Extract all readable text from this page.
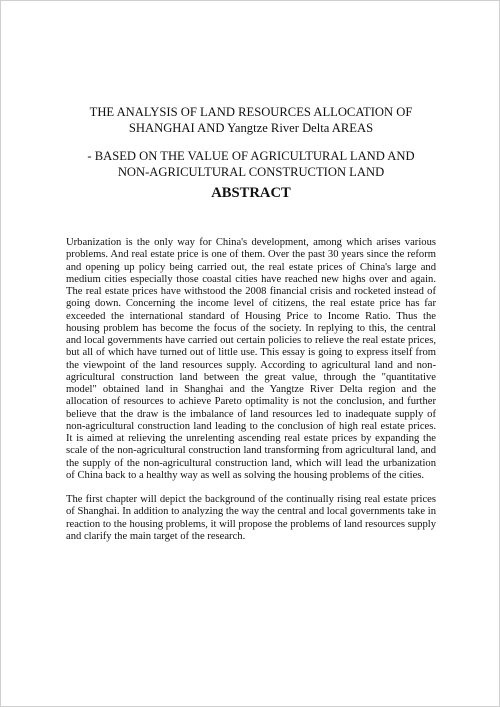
THE ANALYSIS OF LAND RESOURCES ALLOCATION OF
SHANGHAI AND Yangtze River Delta AREAS
- BASED ON THE VALUE OF AGRICULTURAL LAND AND
NON-AGRICULTURAL CONSTRUCTION LAND
ABSTRACT

Urbanization is the only way for China's development, among which arises various problems. And real estate price is one of them. Over the past 30 years since the reform and opening up policy being carried out, the real estate prices of China's large and medium cities especially those coastal cities have reached new highs over and again. The real estate prices have withstood the 2008 financial crisis and rocketed instead of going down. Concerning the income level of citizens, the real estate price has far exceeded the international standard of Housing Price to Income Ratio. Thus the housing problem has become the focus of the society. In replying to this, the central and local governments have carried out certain policies to relieve the real estate prices, but all of which have turned out of little use. This essay is going to express itself from the viewpoint of the land resources supply. According to agricultural land and non-agricultural construction land between the great value, through the "quantitative model" obtained land in Shanghai and the Yangtze River Delta region and the allocation of resources to achieve Pareto optimality is not the conclusion, and further believe that the draw is the imbalance of land resources led to inadequate supply of non-agricultural construction land leading to the conclusion of high real estate prices. It is aimed at relieving the unrelenting ascending real estate prices by expanding the scale of the non-agricultural construction land transforming from agricultural land, and the supply of the non-agricultural construction land, which will lead the urbanization of China back to a healthy way as well as solving the housing problems of the cities.

The first chapter will depict the background of the continually rising real estate prices of Shanghai. In addition to analyzing the way the central and local governments take in reaction to the housing problems, it will propose the problems of land resources supply and clarify the main target of the research.
